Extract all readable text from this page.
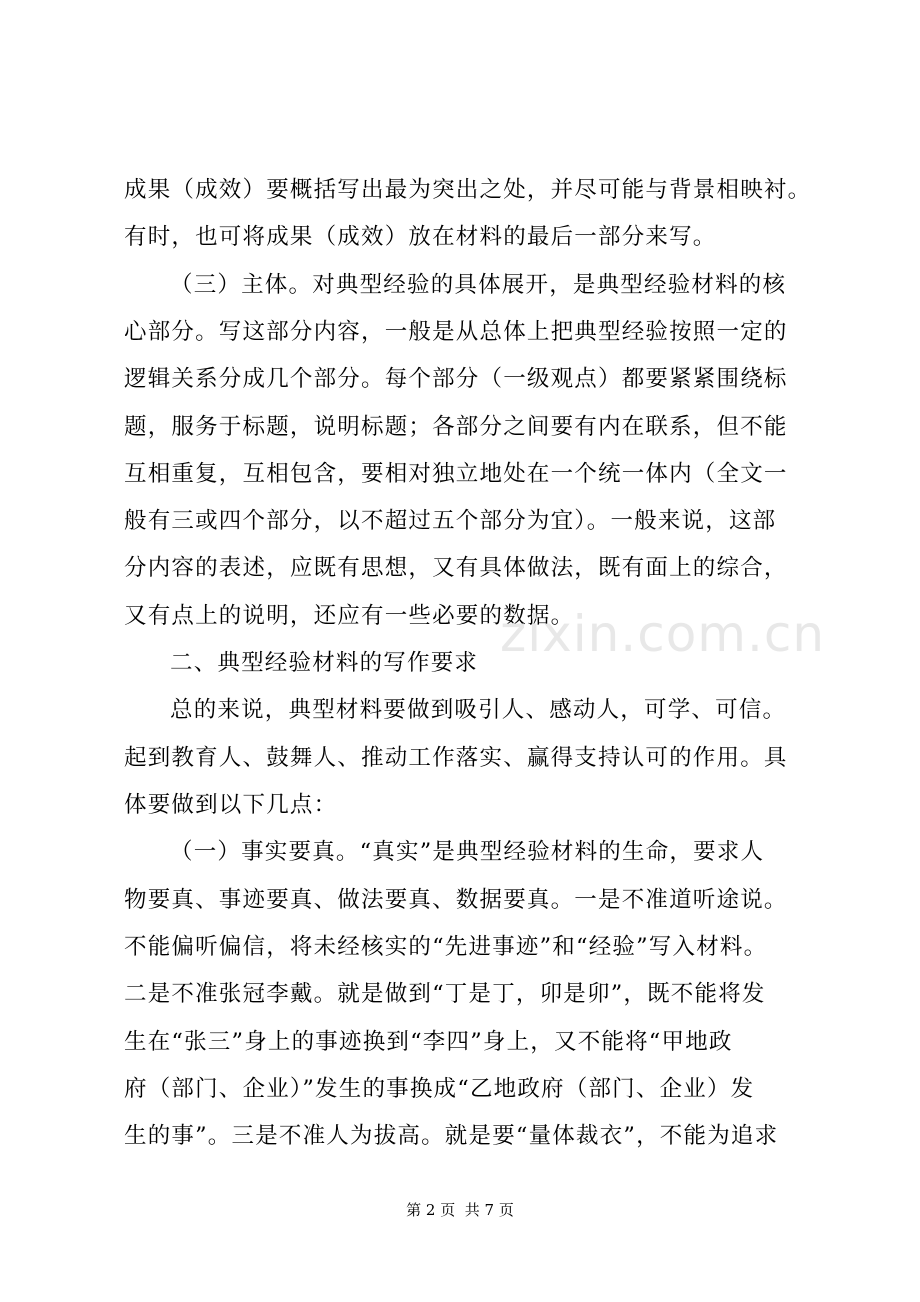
成果（成效）要概括写出最为突出之处，并尽可能与背景相映衬。
有时，也可将成果（成效）放在材料的最后一部分来写。
（三）主体。对典型经验的具体展开，是典型经验材料的核
心部分。写这部分内容，一般是从总体上把典型经验按照一定的
逻辑关系分成几个部分。每个部分（一级观点）都要紧紧围绕标
题，服务于标题，说明标题；各部分之间要有内在联系，但不能
互相重复，互相包含，要相对独立地处在一个统一体内（全文一
般有三或四个部分，以不超过五个部分为宜）。一般来说，这部
分内容的表述，应既有思想，又有具体做法，既有面上的综合，
又有点上的说明，还应有一些必要的数据。
二、典型经验材料的写作要求
总的来说，典型材料要做到吸引人、感动人，可学、可信。
起到教育人、鼓舞人、推动工作落实、赢得支持认可的作用。具
体要做到以下几点：
（一）事实要真。“真实”是典型经验材料的生命，要求人
物要真、事迹要真、做法要真、数据要真。一是不准道听途说。
不能偏听偏信，将未经核实的“先进事迹”和“经验”写入材料。
二是不准张冠李戴。就是做到“丁是丁，卯是卯”，既不能将发
生在“张三”身上的事迹换到“李四”身上，又不能将“甲地政
府（部门、企业）”发生的事换成“乙地政府（部门、企业）发
生的事”。三是不准人为拔高。就是要“量体裁衣”，不能为追求
zixin.com.cn
第 2 页  共 7 页
